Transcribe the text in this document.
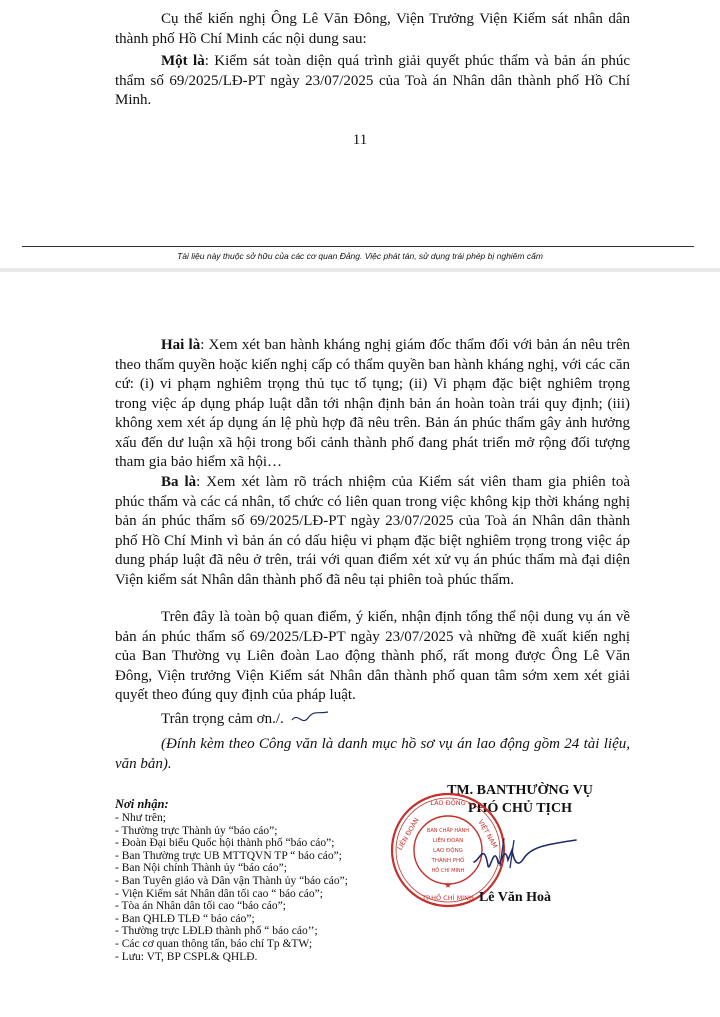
Cụ thể kiến nghị Ông Lê Văn Đông, Viện Trưởng Viện Kiểm sát nhân dân thành phố Hồ Chí Minh các nội dung sau:
Một là: Kiểm sát toàn diện quá trình giải quyết phúc thẩm và bản án phúc thẩm số 69/2025/LĐ-PT ngày 23/07/2025 của Toà án Nhân dân thành phố Hồ Chí Minh.
11
Tài liệu này thuộc sở hữu của các cơ quan Đảng. Việc phát tán, sử dụng trái phép bị nghiêm cấm
Hai là: Xem xét ban hành kháng nghị giám đốc thẩm đối với bản án nêu trên theo thẩm quyền hoặc kiến nghị cấp có thẩm quyền ban hành kháng nghị, với các căn cứ: (i) vi phạm nghiêm trọng thủ tục tố tụng; (ii) Vi phạm đặc biệt nghiêm trọng trong việc áp dụng pháp luật dẫn tới nhận định bản án hoàn toàn trái quy định; (iii) không xem xét áp dụng án lệ phù hợp đã nêu trên. Bản án phúc thẩm gây ảnh hưởng xấu đến dư luận xã hội trong bối cảnh thành phố đang phát triển mở rộng đối tượng tham gia bảo hiểm xã hội…
Ba là: Xem xét làm rõ trách nhiệm của Kiểm sát viên tham gia phiên toà phúc thẩm và các cá nhân, tổ chức có liên quan trong việc không kịp thời kháng nghị bản án phúc thẩm số 69/2025/LĐ-PT ngày 23/07/2025 của Toà án Nhân dân thành phố Hồ Chí Minh vì bản án có dấu hiệu vi phạm đặc biệt nghiêm trọng trong việc áp dung pháp luật đã nêu ở trên, trái với quan điểm xét xử vụ án phúc thẩm mà đại diện Viện kiểm sát Nhân dân thành phố đã nêu tại phiên toà phúc thẩm.
Trên đây là toàn bộ quan điểm, ý kiến, nhận định tổng thể nội dung vụ án về bản án phúc thẩm số 69/2025/LĐ-PT ngày 23/07/2025 và những đề xuất kiến nghị của Ban Thường vụ Liên đoàn Lao động thành phố, rất mong được Ông Lê Văn Đông, Viện trưởng Viện Kiểm sát Nhân dân thành phố quan tâm sớm xem xét giải quyết theo đúng quy định của pháp luật.
Trân trọng cảm ơn./.
(Đính kèm theo Công văn là danh mục hồ sơ vụ án lao động gồm 24 tài liệu, văn bản).
Nơi nhận:
- Như trên;
- Thường trực Thành ủy “báo cáo”;
- Đoàn Đại biểu Quốc hội thành phố “báo cáo”;
- Ban Thường trực UB MTTQVN TP “ báo cáo”;
- Ban Nội chính Thành ủy “báo cáo”;
- Ban Tuyên giáo và Dân vận Thành ủy “báo cáo”;
- Viện Kiểm sát Nhân dân tối cao “ báo cáo”;
- Tòa án Nhân dân tối cao “báo cáo”;
- Ban QHLĐ TLĐ “ báo cáo”;
- Thường trực LĐLĐ thành phố “ báo cáo’’;
- Các cơ quan thông tấn, báo chí Tp &TW;
- Lưu: VT, BP CSPL& QHLĐ.
TM. BANTHƯỜNG VỤ
PHÓ CHỦ TỊCH
LAO ĐỘNG
LIÊN ĐOÀN	VIỆT NAM
TP.HỒ CHÍ MINH
BAN CHẤP HÀNH
LIÊN ĐOÀN
LAO ĐỘNG
THÀNH PHỐ
HỒ CHÍ MINH
★
Lê Văn Hoà
